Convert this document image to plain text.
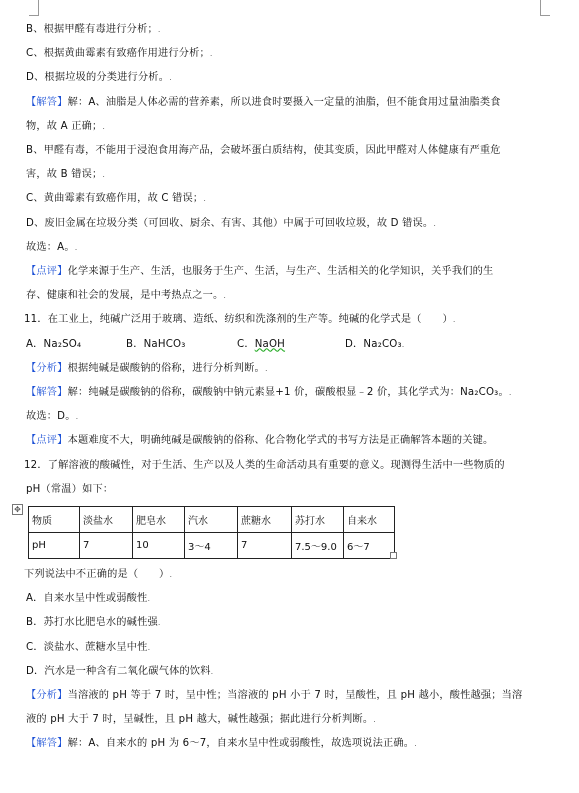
B、根据甲醛有毒进行分析；.
C、根据黄曲霉素有致癌作用进行分析；.
D、根据垃圾的分类进行分析。.
【解答】解：A、油脂是人体必需的营养素，所以进食时要摄入一定量的油脂，但不能食用过量油脂类食
物，故 A 正确；.
B、甲醛有毒，不能用于浸泡食用海产品，会破坏蛋白质结构，使其变质，因此甲醛对人体健康有严重危
害，故 B 错误；.
C、黄曲霉素有致癌作用，故 C 错误；.
D、废旧金属在垃圾分类（可回收、厨余、有害、其他）中属于可回收垃圾，故 D 错误。.
故选：A。.
【点评】化学来源于生产、生活，也服务于生产、生活，与生产、生活相关的化学知识，关乎我们的生
存、健康和社会的发展，是中考热点之一。.
11．在工业上，纯碱广泛用于玻璃、造纸、纺织和洗涤剂的生产等。纯碱的化学式是（　　）.
A．Na₂SO₄	B．NaHCO₃	C．NaOH	D．Na₂CO₃.
【分析】根据纯碱是碳酸钠的俗称，进行分析判断。.
【解答】解：纯碱是碳酸钠的俗称，碳酸钠中钠元素显+1 价，碳酸根显﹣2 价，其化学式为：Na₂CO₃。.
故选：D。.
【点评】本题难度不大，明确纯碱是碳酸钠的俗称、化合物化学式的书写方法是正确解答本题的关键。
12．了解溶液的酸碱性，对于生活、生产以及人类的生命活动具有重要的意义。现测得生活中一些物质的
pH（常温）如下：
✥
物质	淡盐水	肥皂水	汽水	蔗糖水	苏打水	自来水
pH	7	10	3～4	7	7.5～9.0	6～7
下列说法中不正确的是（　　）.
A．自来水呈中性或弱酸性.
B．苏打水比肥皂水的碱性强.
C．淡盐水、蔗糖水呈中性.
D．汽水是一种含有二氧化碳气体的饮料.
【分析】当溶液的 pH 等于 7 时，呈中性；当溶液的 pH 小于 7 时，呈酸性，且 pH 越小，酸性越强；当溶
液的 pH 大于 7 时，呈碱性，且 pH 越大，碱性越强；据此进行分析判断。.
【解答】解：A、自来水的 pH 为 6～7，自来水呈中性或弱酸性，故选项说法正确。.
